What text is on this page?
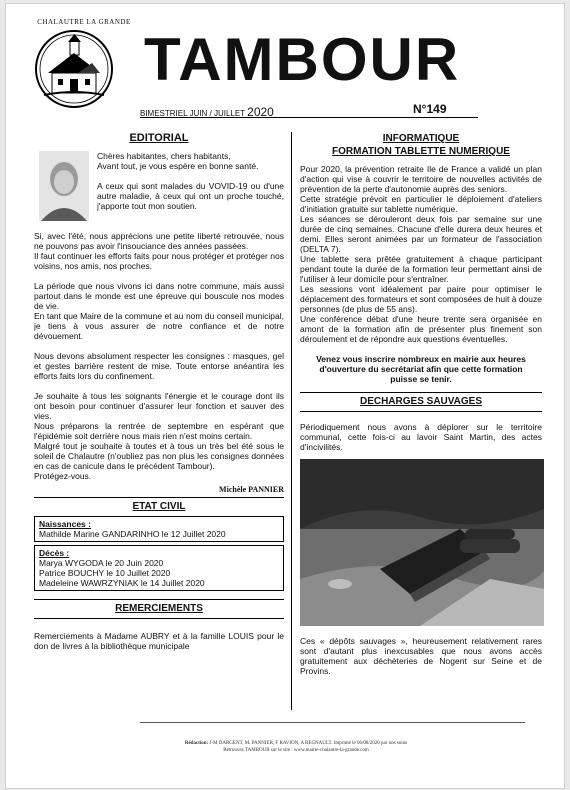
CHALAUTRE LA GRANDE
TAMBOUR
BIMESTRIEL JUIN / JUILLET 2020	N°149
EDITORIAL

Chères habitantes, chers habitants,

Avant tout, je vous espère en bonne santé.

A ceux qui sont malades du VOVID-19 ou d'une autre maladie, à ceux qui ont un proche touché, j'apporte tout mon soutien.

Si, avec l'été, nous apprécions une petite liberté retrouvée, nous ne pouvons pas avoir l'insouciance des années passées.

Il faut continuer les efforts faits pour nous protéger et protéger nos voisins, nos amis, nos proches.

La période que nous vivons ici dans notre commune, mais aussi partout dans le monde est une épreuve qui bouscule nos modes de vie.

En tant que Maire de la commune et au nom du conseil municipal, je tiens à vous assurer de notre confiance et de notre dévouement.

Nous devons absolument respecter les consignes : masques, gel et gestes barrière restent de mise. Toute entorse anéantira les efforts faits lors du confinement.

Je souhaite à tous les soignants l'énergie et le courage dont ils ont besoin pour continuer d'assurer leur fonction et sauver des vies.

Nous préparons la rentrée de septembre en espérant que l'épidémie soit derrière nous mais rien n'est moins certain.

Malgré tout je souhaite à toutes et à tous un très bel été sous le soleil de Chalautre (n'oubliez pas non plus les consignes données en cas de canicule dans le précédent Tambour).

Protégez-vous.

Michèle PANNIER
ETAT CIVIL
Naissances :
Mathilde Marine GANDARINHO le 12 Juillet 2020
Décès :
Marya WYGODA le 20 Juin 2020
Patrice BOUCHY le 10 Juillet 2020
Madeleine WAWRZYNIAK le 14 Juillet 2020
REMERCIEMENTS

Remerciements à Madame AUBRY et à la famille LOUIS pour le don de livres à la bibliothèque municipale

INFORMATIQUE
FORMATION TABLETTE NUMERIQUE

Pour 2020, la prévention retraite Ile de France a validé un plan d'action qui vise à couvrir le territoire de nouvelles activités de prévention de la perte d'autonomie auprès des seniors.

Cette stratégie prévoit en particulier le déploiement d'ateliers d'initiation gratuite sur tablette numérique.

Les séances se dérouleront deux fois par semaine sur une durée de cinq semaines. Chacune d'elle durera deux heures et demi. Elles seront animées par un formateur de l'association (DELTA 7).

Une tablette sera prêtée gratuitement à chaque participant pendant toute la durée de la formation leur permettant ainsi de l'utiliser à leur domicile pour s'entraîner.

Les sessions vont idéalement par paire pour optimiser le déplacement des formateurs et sont composées de huit à douze personnes (de plus de 55 ans).

Une conférence débat d'une heure trente sera organisée en amont de la formation afin de présenter plus finement son déroulement et de répondre aux questions éventuelles.

Venez vous inscrire nombreux en mairie aux heures d'ouverture du secrétariat afin que cette formation puisse se tenir.
DECHARGES SAUVAGES

Périodiquement nous avons à déplorer sur le territoire communal, cette fois-ci au lavoir Saint Martin, des actes d'incivilités.

Ces « dépôts sauvages », heureusement relativement rares sont d'autant plus inexcusables que nous avons accès gratuitement aux déchèteries de Nogent sur Seine et de Provins.

Rédaction: J-M DARGENT, M. PANNIER, F RAVION, A REGNAULT. Imprimé le 06/08/2020 par nos soins
Retrouvez TAMBOUR sur le site : www.mairie-chalautre-la-grande.com
